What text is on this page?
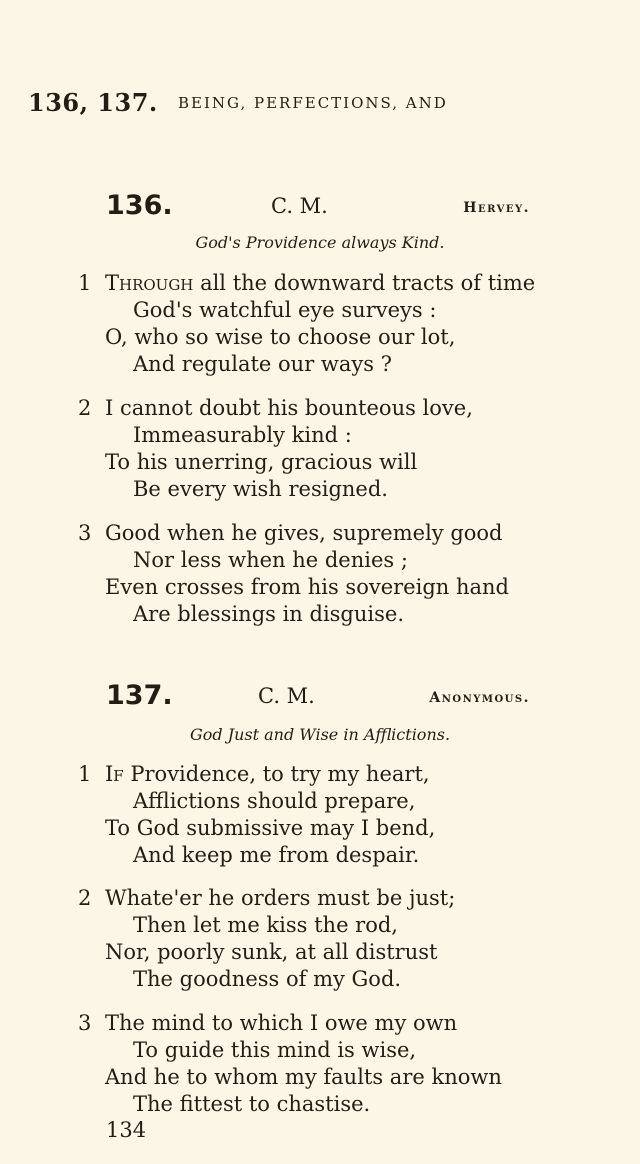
136, 137. BEING, PERFECTIONS, AND
136.	C. M.	Hervey.
God's Providence always Kind.
1 Through all the downward tracts of time
God's watchful eye surveys :
O, who so wise to choose our lot,
And regulate our ways ?
2 I cannot doubt his bounteous love,
Immeasurably kind :
To his unerring, gracious will
Be every wish resigned.
3 Good when he gives, supremely good
Nor less when he denies ;
Even crosses from his sovereign hand
Are blessings in disguise.
137.	C. M.	Anonymous.
God Just and Wise in Afflictions.
1 If Providence, to try my heart,
Afflictions should prepare,
To God submissive may I bend,
And keep me from despair.
2 Whate'er he orders must be just;
Then let me kiss the rod,
Nor, poorly sunk, at all distrust
The goodness of my God.
3 The mind to which I owe my own
To guide this mind is wise,
And he to whom my faults are known
The fittest to chastise.
134
